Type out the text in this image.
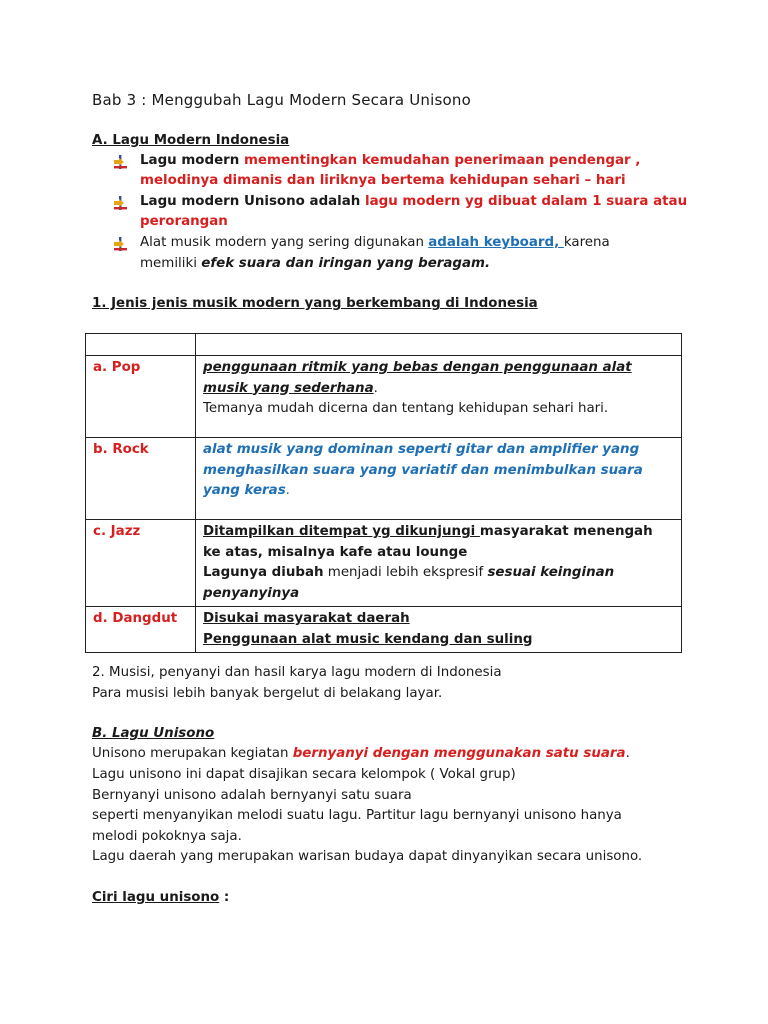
Bab 3 : Menggubah Lagu Modern Secara Unisono
A. Lagu Modern Indonesia
Lagu modern mementingkan kemudahan penerimaan pendengar ,
melodinya dimanis dan liriknya bertema kehidupan sehari – hari
Lagu modern Unisono adalah lagu modern yg dibuat dalam 1 suara atau
perorangan
Alat musik modern yang sering digunakan adalah keyboard, karena
memiliki efek suara dan iringan yang beragam.
1. Jenis jenis musik modern yang berkembang di Indonesia

a. Pop	penggunaan ritmik yang bebas dengan penggunaan alat musik yang sederhana.
Temanya mudah dicerna dan tentang kehidupan sehari hari.
b. Rock	alat musik yang dominan seperti gitar dan amplifier yang menghasilkan suara yang variatif dan menimbulkan suara yang keras.
c. Jazz	Ditampilkan ditempat yg dikunjungi masyarakat menengah ke atas, misalnya kafe atau lounge
Lagunya diubah menjadi lebih ekspresif sesuai keinginan penyanyinya
d. Dangdut	Disukai masyarakat daerah
Penggunaan alat music kendang dan suling
2. Musisi, penyanyi dan hasil karya lagu modern di Indonesia
Para musisi lebih banyak bergelut di belakang layar.
B. Lagu Unisono
Unisono merupakan kegiatan bernyanyi dengan menggunakan satu suara.
Lagu unisono ini dapat disajikan secara kelompok ( Vokal grup)
Bernyanyi unisono adalah bernyanyi satu suara
seperti menyanyikan melodi suatu lagu. Partitur lagu bernyanyi unisono hanya
melodi pokoknya saja.
Lagu daerah yang merupakan warisan budaya dapat dinyanyikan secara unisono.
Ciri lagu unisono :
